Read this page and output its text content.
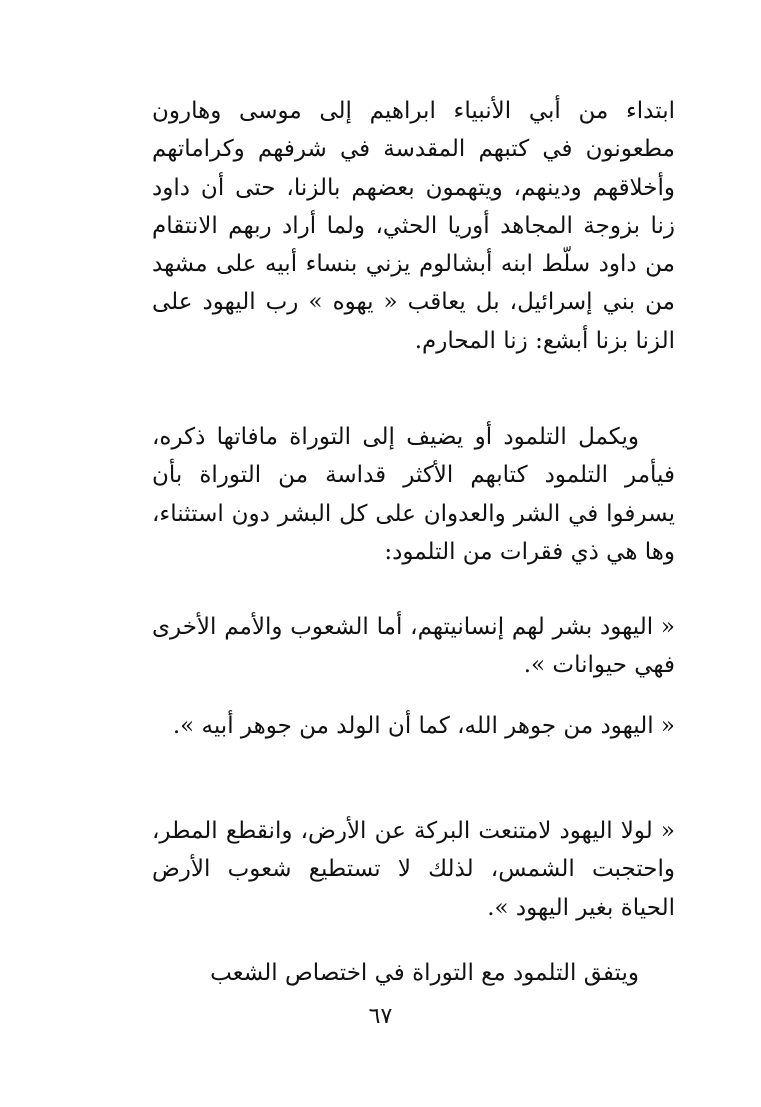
ابتداء من أبي الأنبياء ابراهيم إلى موسى وهارون مطعونون في كتبهم المقدسة في شرفهم وكراماتهم وأخلاقهم ودينهم، ويتهمون بعضهم بالزنا، حتى أن داود زنا بزوجة المجاهد أوريا الحثي، ولما أراد ربهم الانتقام من داود سلّط ابنه أبشالوم يزني بنساء أبيه على مشهد من بني إسرائيل، بل يعاقب « يهوه » رب اليهود على الزنا بزنا أبشع: زنا المحارم.

ويكمل التلمود أو يضيف إلى التوراة مافاتها ذكره، فيأمر التلمود كتابهم الأكثر قداسة من التوراة بأن يسرفوا في الشر والعدوان على كل البشر دون استثناء، وها هي ذي فقرات من التلمود:

« اليهود بشر لهم إنسانيتهم، أما الشعوب والأمم الأخرى فهي حيوانات ».

« اليهود من جوهر الله، كما أن الولد من جوهر أبيه ».

« لولا اليهود لامتنعت البركة عن الأرض، وانقطع المطر، واحتجبت الشمس، لذلك لا تستطيع شعوب الأرض الحياة بغير اليهود ».

ويتفق التلمود مع التوراة في اختصاص الشعب

٦٧
